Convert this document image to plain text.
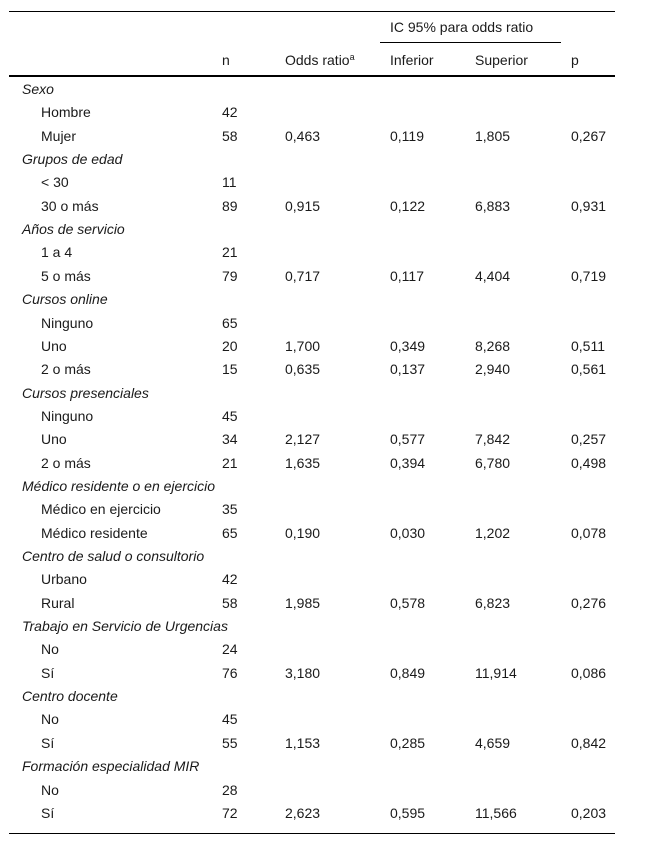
IC 95% para odds ratio
n	Odds ratio$^a$	Inferior	Superior	p
Sexo
Hombre	42
Mujer	58	0,463	0,119	1,805	0,267
Grupos de edad
< 30	11
30 o más	89	0,915	0,122	6,883	0,931
Años de servicio
1 a 4	21
5 o más	79	0,717	0,117	4,404	0,719
Cursos online
Ninguno	65
Uno	20	1,700	0,349	8,268	0,511
2 o más	15	0,635	0,137	2,940	0,561
Cursos presenciales
Ninguno	45
Uno	34	2,127	0,577	7,842	0,257
2 o más	21	1,635	0,394	6,780	0,498
Médico residente o en ejercicio
Médico en ejercicio	35
Médico residente	65	0,190	0,030	1,202	0,078
Centro de salud o consultorio
Urbano	42
Rural	58	1,985	0,578	6,823	0,276
Trabajo en Servicio de Urgencias
No	24
Sí	76	3,180	0,849	11,914	0,086
Centro docente
No	45
Sí	55	1,153	0,285	4,659	0,842
Formación especialidad MIR
No	28
Sí	72	2,623	0,595	11,566	0,203
